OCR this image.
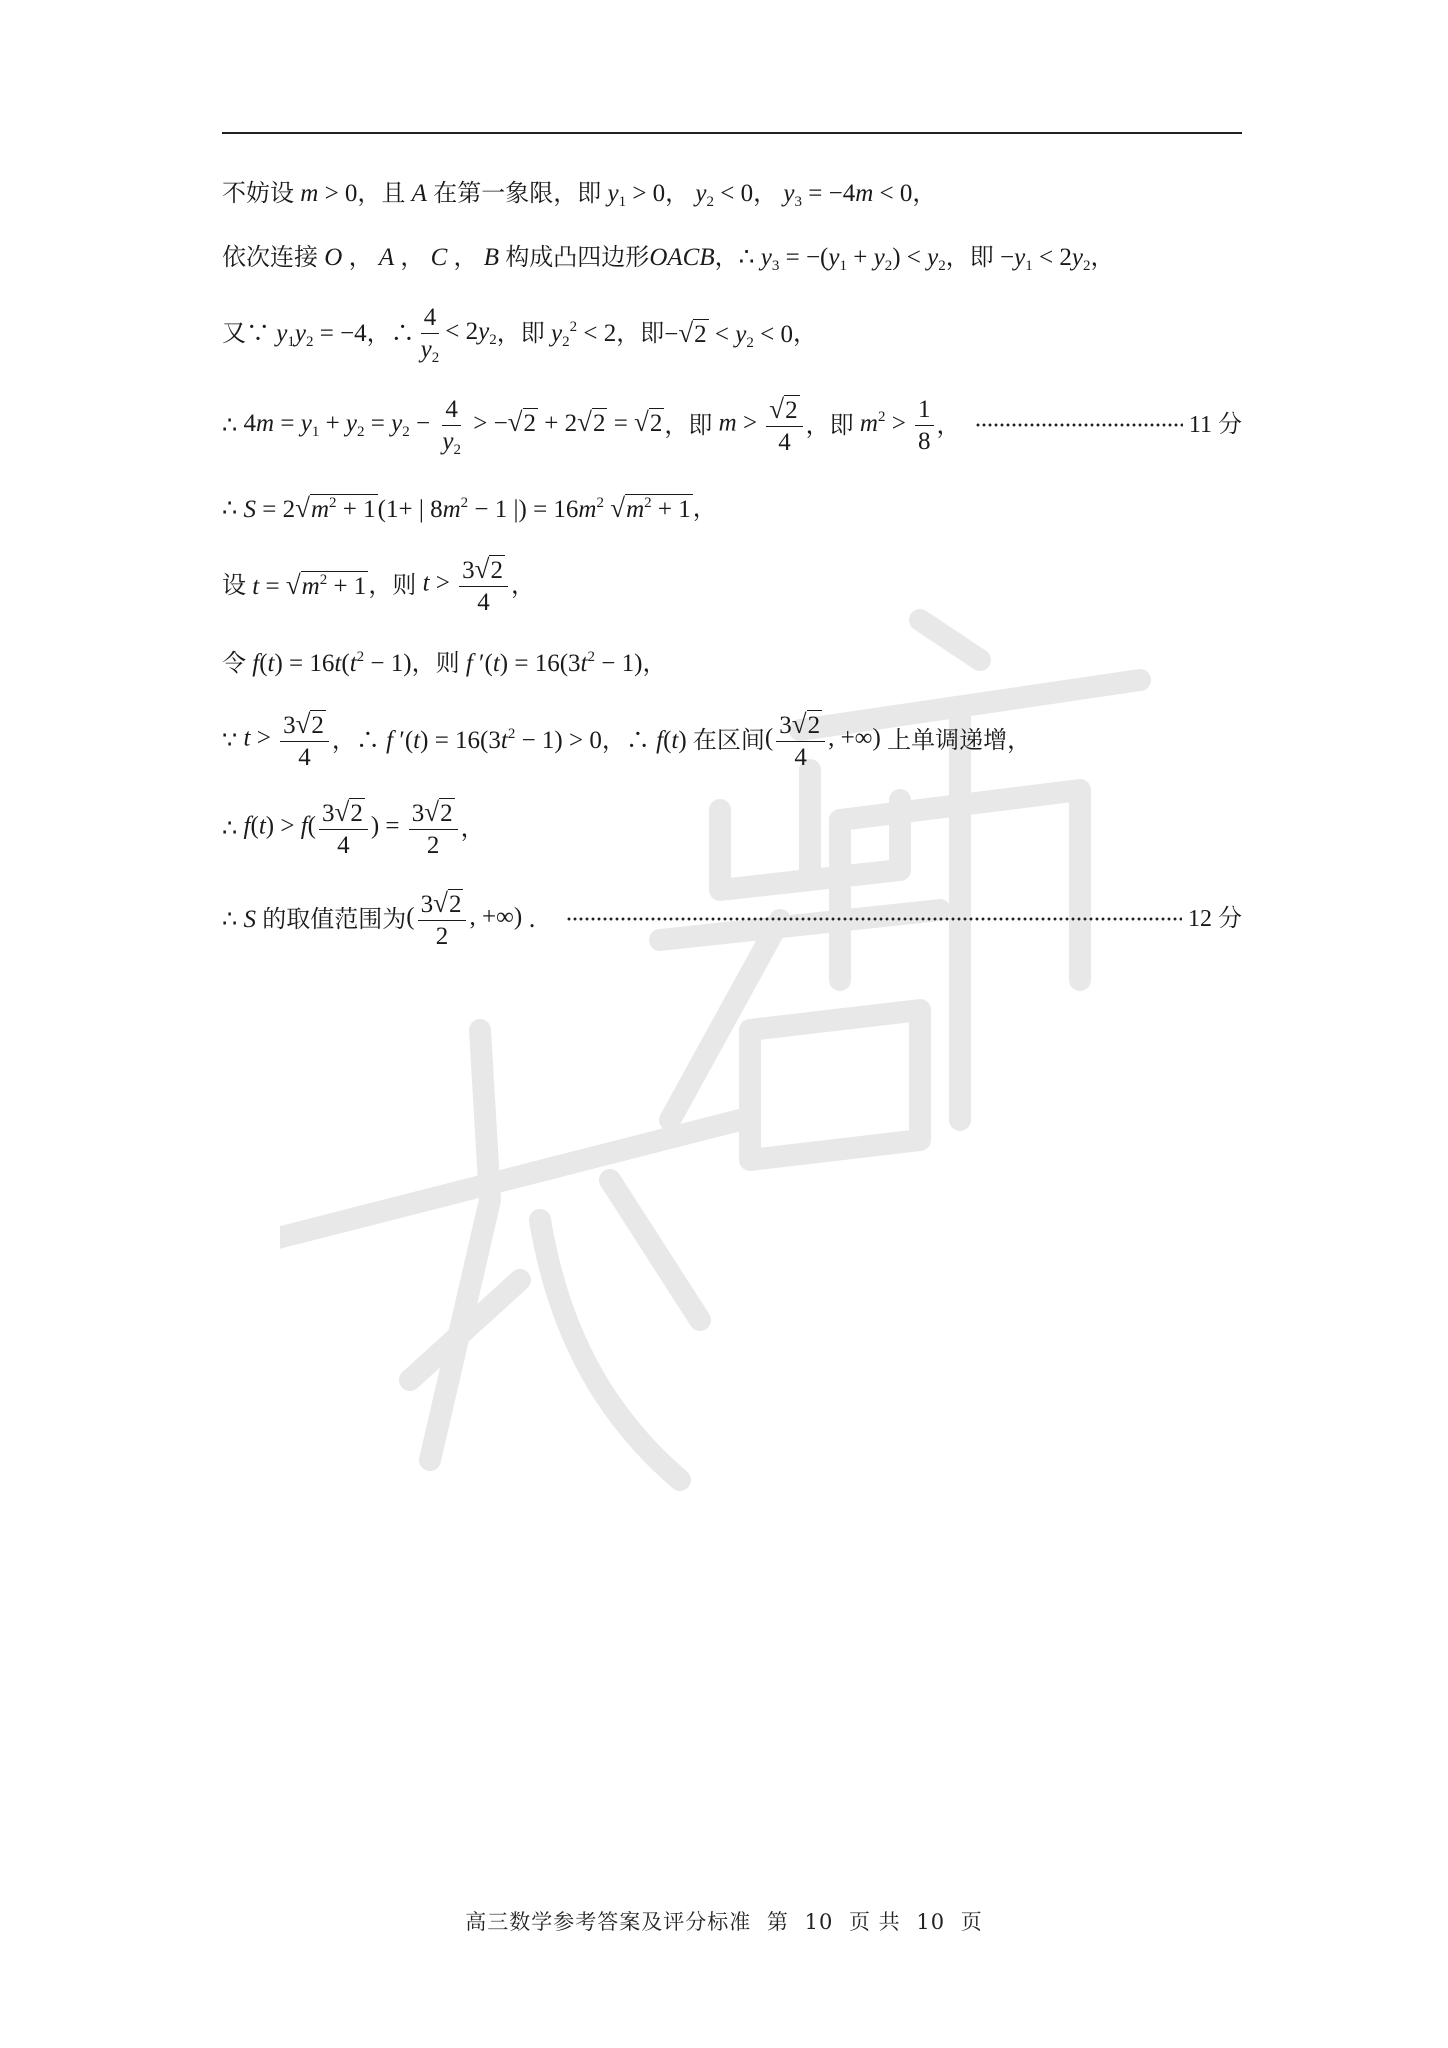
不妨设 m > 0 ，且 A 在第一象限，即 $y_1 > 0$ ， $y_2 < 0$ ， $y_3 = -4m < 0$ ，
依次连接 O ， A ， C ， B 构成凸四边形 OACB ， ∴ $y_3 = -(y_1 + y_2) < y_2$ ，即 $-y_1 < 2y_2$ ，
又∵ $y_1y_2 = -4$ ，∴ $\frac{4}{y_2} < 2y_2$ ，即 $y_2^2 < 2$ ，即 − √ $2 < y_2 < 0$ ，
∴ $4m = y_1 + y_2 = y_2 - \frac{4}{y_2}$ > − √ 2 + 2 √ 2 = √ 2 ，即 $m > \frac{√ 2}{4}$ ，即 $m^2 > \frac{1}{8}$ ，	11 分
∴ S = 2 √ $m^2 + 1$ (1+ | $8m^2 - 1$ |) = $16m^2$ √ $m^2 + 1$ ，
设 t = √ $m^2 + 1$ ，则 $t > \frac{3 √ 2}{4}$ ，
令 $f(t) = 16t(t^2 - 1)$ ，则 f $'(t) = 16(3t^2 - 1)$ ，
∵ $t > \frac{3 √ 2}{4}$ ，∴ f $'(t) = 16(3t^2 - 1) > 0$ ，∴ f(t) 在区间 ( $\frac{3 √ 2}{4}$ , +∞) 上单调递增，
∴ $f(t) > f( \frac{3 √ 2}{4}$ ) = $\frac{3 √ 2}{2}$ ，
∴ S 的取值范围为 ( $\frac{3 √ 2}{2}$ , +∞) .	12 分
高三数学参考答案及评分标准 第 10 页 共 10 页
